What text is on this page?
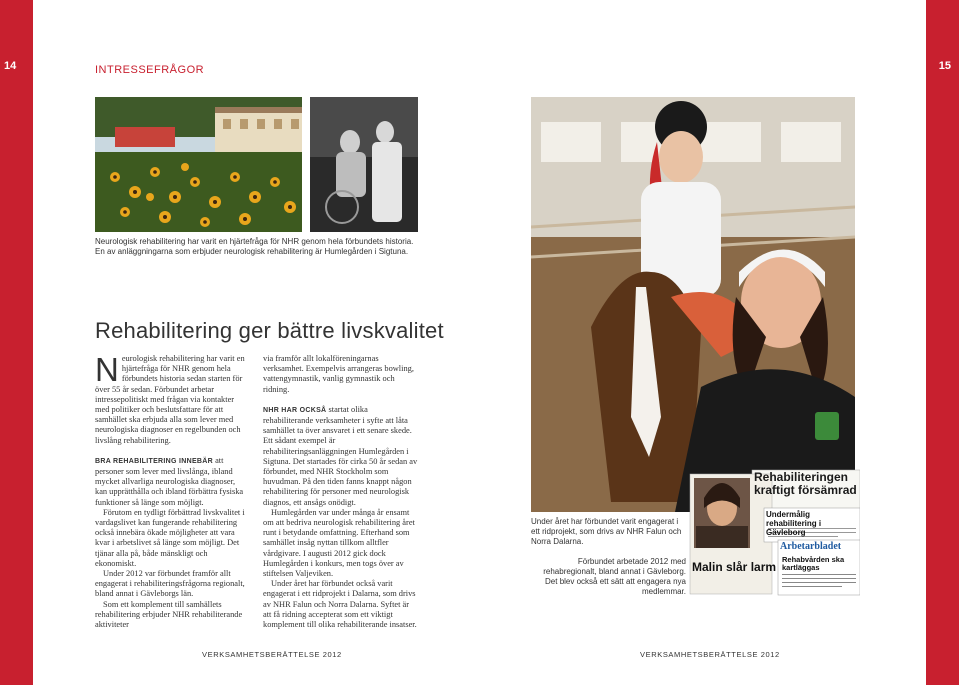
14	15
INTRESSEFRÅGOR
Neurologisk rehabilitering har varit en hjärtefråga för NHR genom hela förbundets historia. En av anläggningarna som erbjuder neurologisk rehabilitering är Humlegården i Sigtuna.
Rehabilitering ger bättre livskvalitet

Neurologisk rehabilitering har varit en hjärtefråga för NHR genom hela förbundets historia sedan starten för över 55 år sedan. Förbundet arbetar intressepolitiskt med frågan via kontakter med politiker och beslutsfattare för att samhället ska erbjuda alla som lever med neurologiska diagnoser en regelbunden och livslång rehabilitering.

BRA REHABILITERING INNEBÄR att personer som lever med livslånga, ibland mycket allvarliga neurologiska diagnoser, kan upprätthålla och ibland förbättra fysiska funktioner så länge som möjligt.

Förutom en tydligt förbättrad livskvalitet i vardagslivet kan fungerande rehabilitering också innebära ökade möjligheter att vara kvar i arbetslivet så länge som möjligt. Det tjänar alla på, både mänskligt och ekonomiskt.

Under 2012 var förbundet framför allt engagerat i rehabiliteringsfrågorna regionalt, bland annat i Gävleborgs län.

Som ett komplement till samhällets rehabilitering erbjuder NHR rehabiliterande aktiviteter

via framför allt lokalföreningarnas verksamhet. Exempelvis arrangeras bowling, vattengymnastik, vanlig gymnastik och ridning.

NHR HAR OCKSÅ startat olika rehabiliterande verksamheter i syfte att låta samhället ta över ansvaret i ett senare skede. Ett sådant exempel är rehabiliteringsanläggningen Humlegården i Sigtuna. Det startades för cirka 50 år sedan av förbundet, med NHR Stockholm som huvudman. På den tiden fanns knappt någon rehabilitering för personer med neurologisk diagnos, ett ansågs onödigt.

Humlegården var under många år ensamt om att bedriva neurologisk rehabilitering året runt i betydande omfattning. Efterhand som samhället insåg nyttan tillkom alltfler vårdgivare. I augusti 2012 gick dock Humlegården i konkurs, men togs över av stiftelsen Valjeviken.

Under året har förbundet också varit engagerat i ett ridprojekt i Dalarna, som drivs av NHR Falun och Norra Dalarna. Syftet är att få ridning accepterat som ett viktigt komplement till olika rehabiliterande insatser.

Under året har förbundet varit engagerat i ett ridprojekt, som drivs av NHR Falun och Norra Dalarna.
Förbundet arbetade 2012 med rehabregionalt, bland annat i Gävleborg. Det blev också ett sätt att engagera nya medlemmar.
Rehabiliteringen
kraftigt försämrad
Undermålig rehabilitering i Gävleborg
Arbetarbladet
Rehabvården ska
kartläggas
Malin slår larm
VERKSAMHETSBERÄTTELSE 2012	VERKSAMHETSBERÄTTELSE 2012
